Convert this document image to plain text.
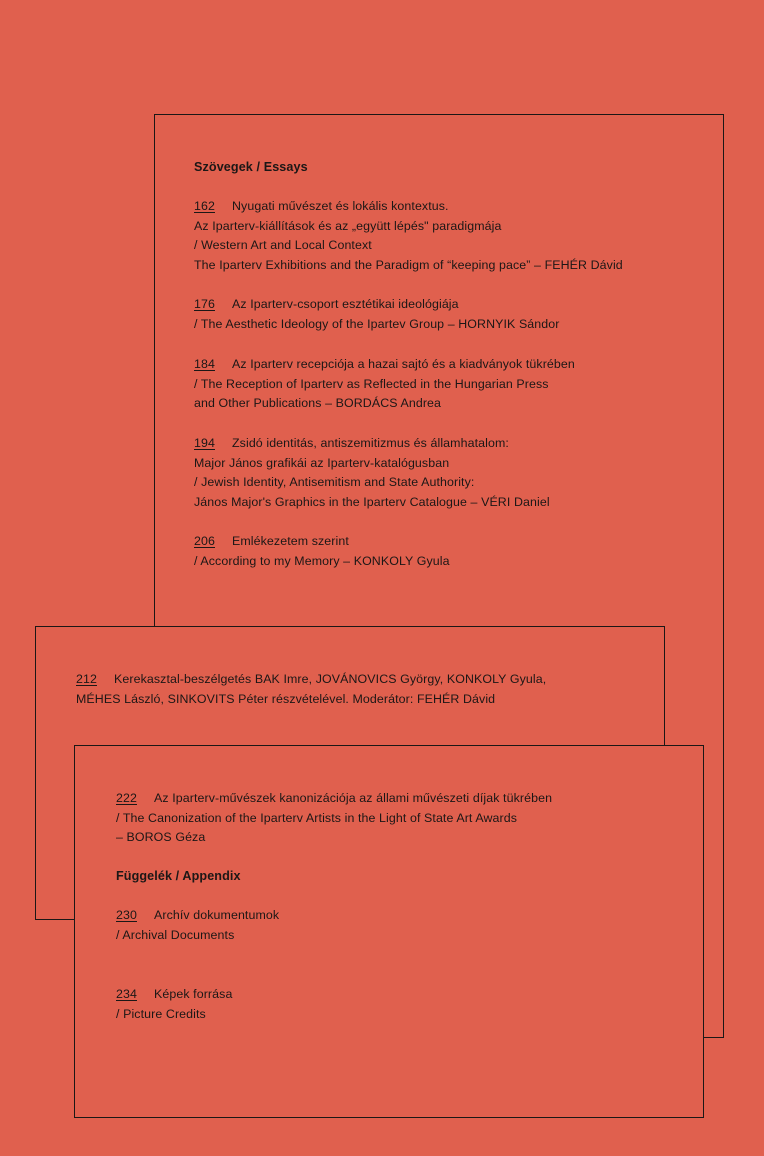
Szövegek / Essays
162 Nyugati művészet és lokális kontextus.
Az Iparterv-kiállítások és az „együtt lépés" paradigmája
/ Western Art and Local Context
The Iparterv Exhibitions and the Paradigm of “keeping pace” – FEHÉR Dávid
176 Az Iparterv-csoport esztétikai ideológiája
/ The Aesthetic Ideology of the Ipartev Group – HORNYIK Sándor
184 Az Iparterv recepciója a hazai sajtó és a kiadványok tükrében
/ The Reception of Iparterv as Reflected in the Hungarian Press
and Other Publications – BORDÁCS Andrea
194 Zsidó identitás, antiszemitizmus és államhatalom:
Major János grafikái az Iparterv-katalógusban
/ Jewish Identity, Antisemitism and State Authority:
János Major's Graphics in the Iparterv Catalogue – VÉRI Daniel
206 Emlékezetem szerint
/ According to my Memory – KONKOLY Gyula
212 Kerekasztal-beszélgetés BAK Imre, JOVÁNOVICS György, KONKOLY Gyula,
MÉHES László, SINKOVITS Péter részvételével. Moderátor: FEHÉR Dávid
222 Az Iparterv-művészek kanonizációja az állami művészeti díjak tükrében
/ The Canonization of the Iparterv Artists in the Light of State Art Awards
– BOROS Géza
Függelék / Appendix
230 Archív dokumentumok
/ Archival Documents
234 Képek forrása
/ Picture Credits
